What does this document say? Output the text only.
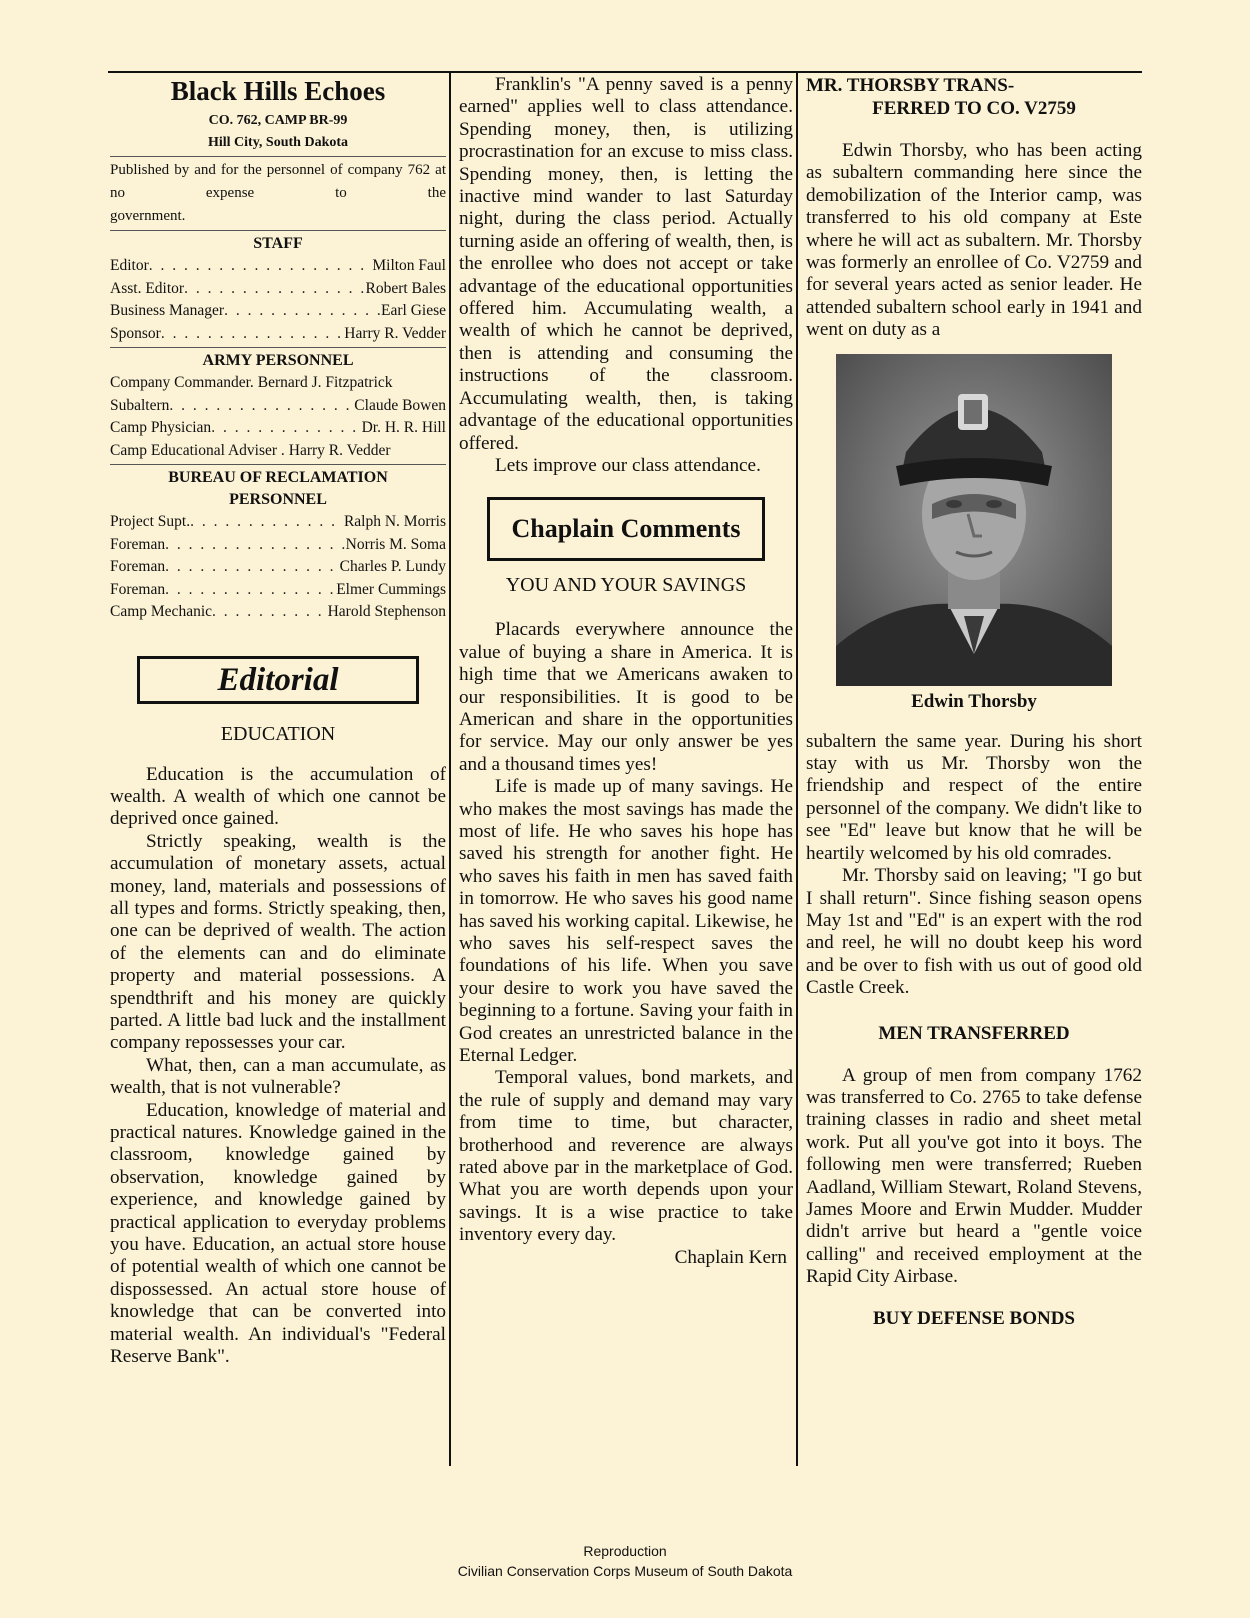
Black Hills Echoes
CO. 762, CAMP BR-99
Hill City, South Dakota
Published by and for the personnel of company 762 at no expense to the
government.
STAFF
Editor . . .	Milton Faul
Asst. Editor . . .	Robert Bales
Business Manager . . .	Earl Giese
Sponsor . . .	Harry R. Vedder
ARMY PERSONNEL
Company Commander. Bernard J. Fitzpatrick
Subaltern . . .	Claude Bowen
Camp Physician . . .	Dr. H. R. Hill
Camp Educational Adviser . Harry R. Vedder
BUREAU OF RECLAMATION
PERSONNEL
Project Supt. . . .	Ralph N. Morris
Foreman . . .	Norris M. Soma
Foreman . . .	Charles P. Lundy
Foreman . . .	Elmer Cummings
Camp Mechanic . . .	Harold Stephenson
Editorial
EDUCATION

Education is the accumulation of wealth. A wealth of which one cannot be deprived once gained.

Strictly speaking, wealth is the accumulation of monetary assets, actual money, land, materials and possessions of all types and forms. Strictly speaking, then, one can be deprived of wealth. The action of the elements can and do eliminate property and material possessions. A spendthrift and his money are quickly parted. A little bad luck and the installment company repossesses your car.

What, then, can a man accumulate, as wealth, that is not vulnerable?

Education, knowledge of material and practical natures. Knowledge gained in the classroom, knowledge gained by observation, knowledge gained by experience, and knowledge gained by practical application to everyday problems you have. Education, an actual store house of potential wealth of which one cannot be dispossessed. An actual store house of knowledge that can be converted into material wealth. An individual's "Federal Reserve Bank".

Franklin's "A penny saved is a penny earned" applies well to class attendance. Spending money, then, is utilizing procrastination for an excuse to miss class. Spending money, then, is letting the inactive mind wander to last Saturday night, during the class period. Actually turning aside an offering of wealth, then, is the enrollee who does not accept or take advantage of the educational opportunities offered him. Accumulating wealth, a wealth of which he cannot be deprived, then is attending and consuming the instructions of the classroom. Accumulating wealth, then, is taking advantage of the educational opportunities offered.

Lets improve our class attendance.

Chaplain Comments
YOU AND YOUR SAVINGS

Placards everywhere announce the value of buying a share in America. It is high time that we Americans awaken to our responsibilities. It is good to be American and share in the opportunities for service. May our only answer be yes and a thousand times yes!

Life is made up of many savings. He who makes the most savings has made the most of life. He who saves his hope has saved his strength for another fight. He who saves his faith in men has saved faith in tomorrow. He who saves his good name has saved his working capital. Likewise, he who saves his self-respect saves the foundations of his life. When you save your desire to work you have saved the beginning to a fortune. Saving your faith in God creates an unrestricted balance in the Eternal Ledger.

Temporal values, bond markets, and the rule of supply and demand may vary from time to time, but character, brotherhood and reverence are always rated above par in the marketplace of God. What you are worth depends upon your savings. It is a wise practice to take inventory every day.

Chaplain Kern
MR. THORSBY TRANS-
FERRED TO CO. V2759

Edwin Thorsby, who has been acting as subaltern commanding here since the demobilization of the Interior camp, was transferred to his old company at Este where he will act as subaltern. Mr. Thorsby was formerly an enrollee of Co. V2759 and for several years acted as senior leader. He attended subaltern school early in 1941 and went on duty as a

Edwin Thorsby

subaltern the same year. During his short stay with us Mr. Thorsby won the friendship and respect of the entire personnel of the company. We didn't like to see "Ed" leave but know that he will be heartily welcomed by his old comrades.

Mr. Thorsby said on leaving; "I go but I shall return". Since fishing season opens May 1st and "Ed" is an expert with the rod and reel, he will no doubt keep his word and be over to fish with us out of good old Castle Creek.

MEN TRANSFERRED

A group of men from company 1762 was transferred to Co. 2765 to take defense training classes in radio and sheet metal work. Put all you've got into it boys. The following men were transferred; Rueben Aadland, William Stewart, Roland Stevens, James Moore and Erwin Mudder. Mudder didn't arrive but heard a "gentle voice calling" and received employment at the Rapid City Airbase.

BUY DEFENSE BONDS
Reproduction
Civilian Conservation Corps Museum of South Dakota
